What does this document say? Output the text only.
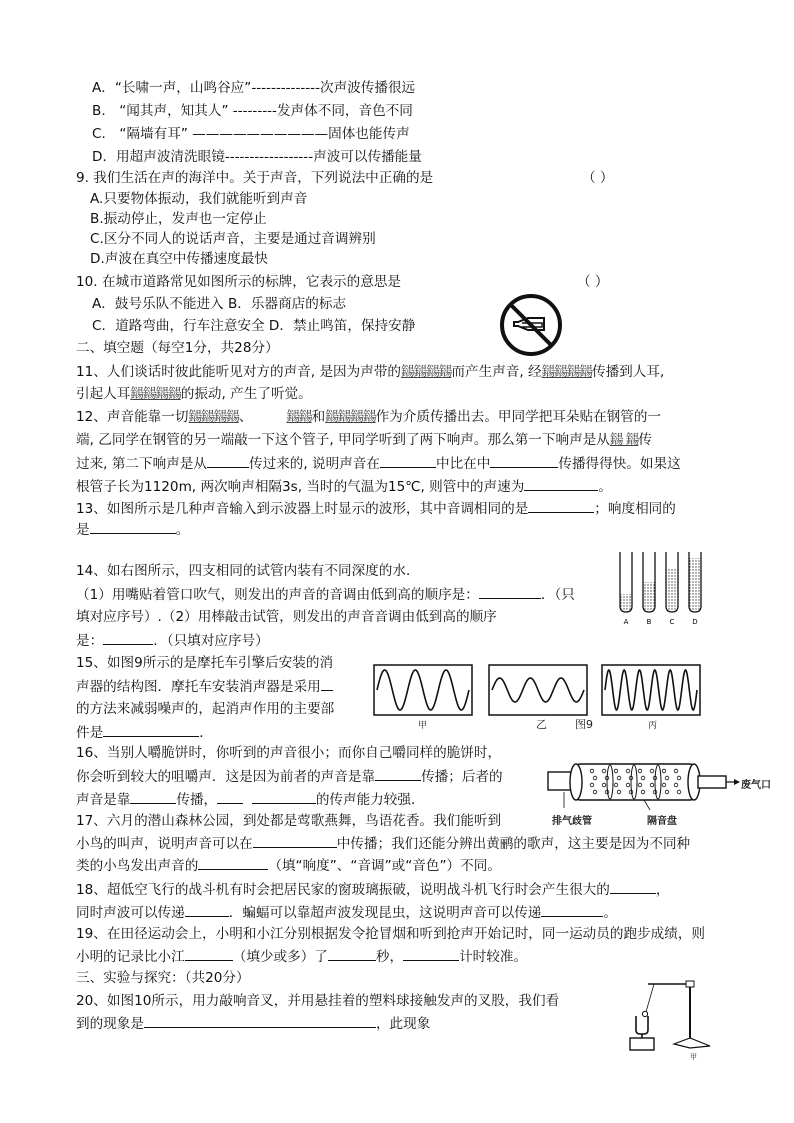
A．“长啸一声，山鸣谷应”--------------次声波传播很远
B． “闻其声，知其人” ---------发声体不同，音色不同
C． “隔墙有耳” ——————————固体也能传声
D．用超声波清洗眼镜------------------声波可以传播能量
9. 我们生活在声的海洋中。关于声音，下列说法中正确的是	（ ）
A.只要物体振动，我们就能听到声音
B.振动停止，发声也一定停止
C.区分不同人的说话声音，主要是通过音调辨别
D.声波在真空中传播速度最快
10. 在城市道路常见如图所示的标牌，它表示的意思是	（ ）
A．鼓号乐队不能进入 B．乐器商店的标志
C．道路弯曲，行车注意安全 D．禁止鸣笛，保持安静
二、填空题（每空1分，共28分）
11、人们谈话时彼此能听见对方的声音, 是因为声带的鐋鐋鐋鐋而产生声音, 经鐋鐋鐋鐋传播到人耳,
引起人耳鐋鐋鐋鐋的振动, 产生了听觉。
12、声音能靠一切鐋鐋鐋鐋、	鐋鐋和鐋鐋鐋鐋作为介质传播出去。甲同学把耳朵贴在钢管的一
端, 乙同学在钢管的另一端敲一下这个管子, 甲同学听到了两下响声。那么第一下响声是从鐋 鐋传
过来, 第二下响声是从	传过来的, 说明声音在	中比在中	传播得得快。如果这
根管子长为1120m, 两次响声相隔3s, 当时的气温为15℃, 则管中的声速为	。
13、如图所示是几种声音输入到示波器上时显示的波形，其中音调相同的是	；响度相同的
是	。
A	B	C	D
14、如右图所示，四支相同的试管内装有不同深度的水．
（1）用嘴贴着管口吹气，则发出的声音的音调由低到高的顺序是：	．（只
填对应序号）.（2）用棒敲击试管，则发出的声音音调由低到高的顺序
是：	．（只填对应序号）
15、如图9所示的是摩托车引擎后安装的消
声器的结构图．摩托车安装消声器是采用
的方法来减弱噪声的，起消声作用的主要部
件是	．	甲	乙	图9	丙
16、当别人嚼脆饼时，你听到的声音很小；而你自己嚼同样的脆饼时，
你会听到较大的咀嚼声．这是因为前者的声音是靠	传播；后者的
声音是靠	传播，	的传声能力较强．
排气歧管	隔音盘
废气口
17、六月的潜山森林公园，到处都是莺歌燕舞，鸟语花香。我们能听到
小鸟的叫声，说明声音可以在	中传播；我们还能分辨出黄鹂的歌声，这主要是因为不同种
类的小鸟发出声音的	（填“响度”、“音调”或“音色”）不同。
18、超低空飞行的战斗机有时会把居民家的窗玻璃振破，说明战斗机飞行时会产生很大的	，
同时声波可以传递	．蝙蝠可以靠超声波发现昆虫，这说明声音可以传递	。
19、在田径运动会上，小明和小江分别根据发令抢冒烟和听到抢声开始记时，同一运动员的跑步成绩，则
小明的记录比小江	（填少或多）了	秒，	计时较准。
三、实验与探究：（共20分）
20、如图10所示，用力敲响音叉，并用悬挂着的塑料球接触发声的叉股，我们看
到的现象是	，此现象
甲
